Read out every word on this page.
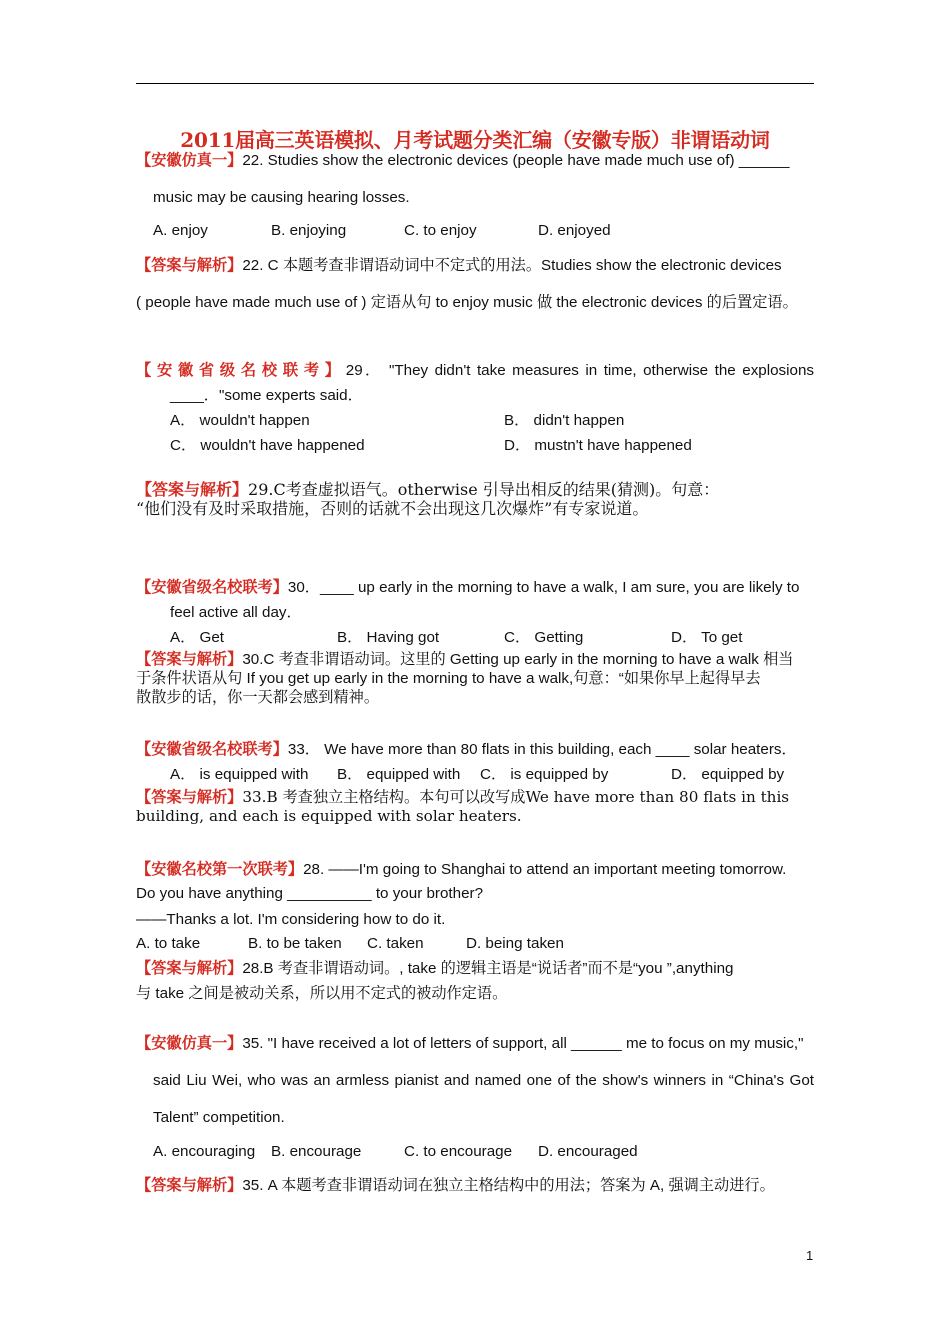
2011届高三英语模拟、月考试题分类汇编（安徽专版）非谓语动词
【安徽仿真一】22. Studies show the electronic devices (people have made much use of) ______
music may be causing hearing losses.
A. enjoy	B. enjoying	C. to enjoy	D. enjoyed
【答案与解析】22. C 本题考查非谓语动词中不定式的用法。Studies show the electronic devices
( people have made much use of ) 定语从句 to enjoy music 做 the electronic devices 的后置定语。
【安徽省级名校联考】29． "They didn't take measures in time, otherwise the explosions
____．"some experts said．
A． wouldn't happen	B． didn't happen
C． wouldn't have happened	D． mustn't have happened
【答案与解析】29.C考查虚拟语气。otherwise 引导出相反的结果(猜测)。句意：
“他们没有及时采取措施，否则的话就不会出现这几次爆炸”有专家说道。
【安徽省级名校联考】30．____ up early in the morning to have a walk, I am sure, you are likely to
feel active all day．
A． Get	B． Having got	C． Getting	D． To get
【答案与解析】30.C 考查非谓语动词。这里的 Getting up early in the morning to have a walk 相当
于条件状语从句 If you get up early in the morning to have a walk,句意：“如果你早上起得早去
散散步的话，你一天都会感到精神。
【安徽省级名校联考】33． We have more than 80 flats in this building, each ____ solar heaters．
A． is equipped with B． equipped with C． is equipped by	D． equipped by
【答案与解析】33.B 考查独立主格结构。本句可以改写成We have more than 80 flats in this
building, and each is equipped with solar heaters.
【安徽名校第一次联考】28. ——I'm going to Shanghai to attend an important meeting tomorrow.
Do you have anything __________ to your brother?
——Thanks a lot. I'm considering how to do it.
A. to take	B. to be taken C. taken	D. being taken
【答案与解析】28.B 考查非谓语动词。, take 的逻辑主语是“说话者”而不是“you ”,anything
与 take 之间是被动关系，所以用不定式的被动作定语。
【安徽仿真一】35. "I have received a lot of letters of support, all ______ me to focus on my music,"
said Liu Wei, who was an armless pianist and named one of the show's winners in “China's Got
Talent” competition.
A. encouraging B. encourage	C. to encourage D. encouraged
【答案与解析】35. A 本题考查非谓语动词在独立主格结构中的用法；答案为 A, 强调主动进行。
1
